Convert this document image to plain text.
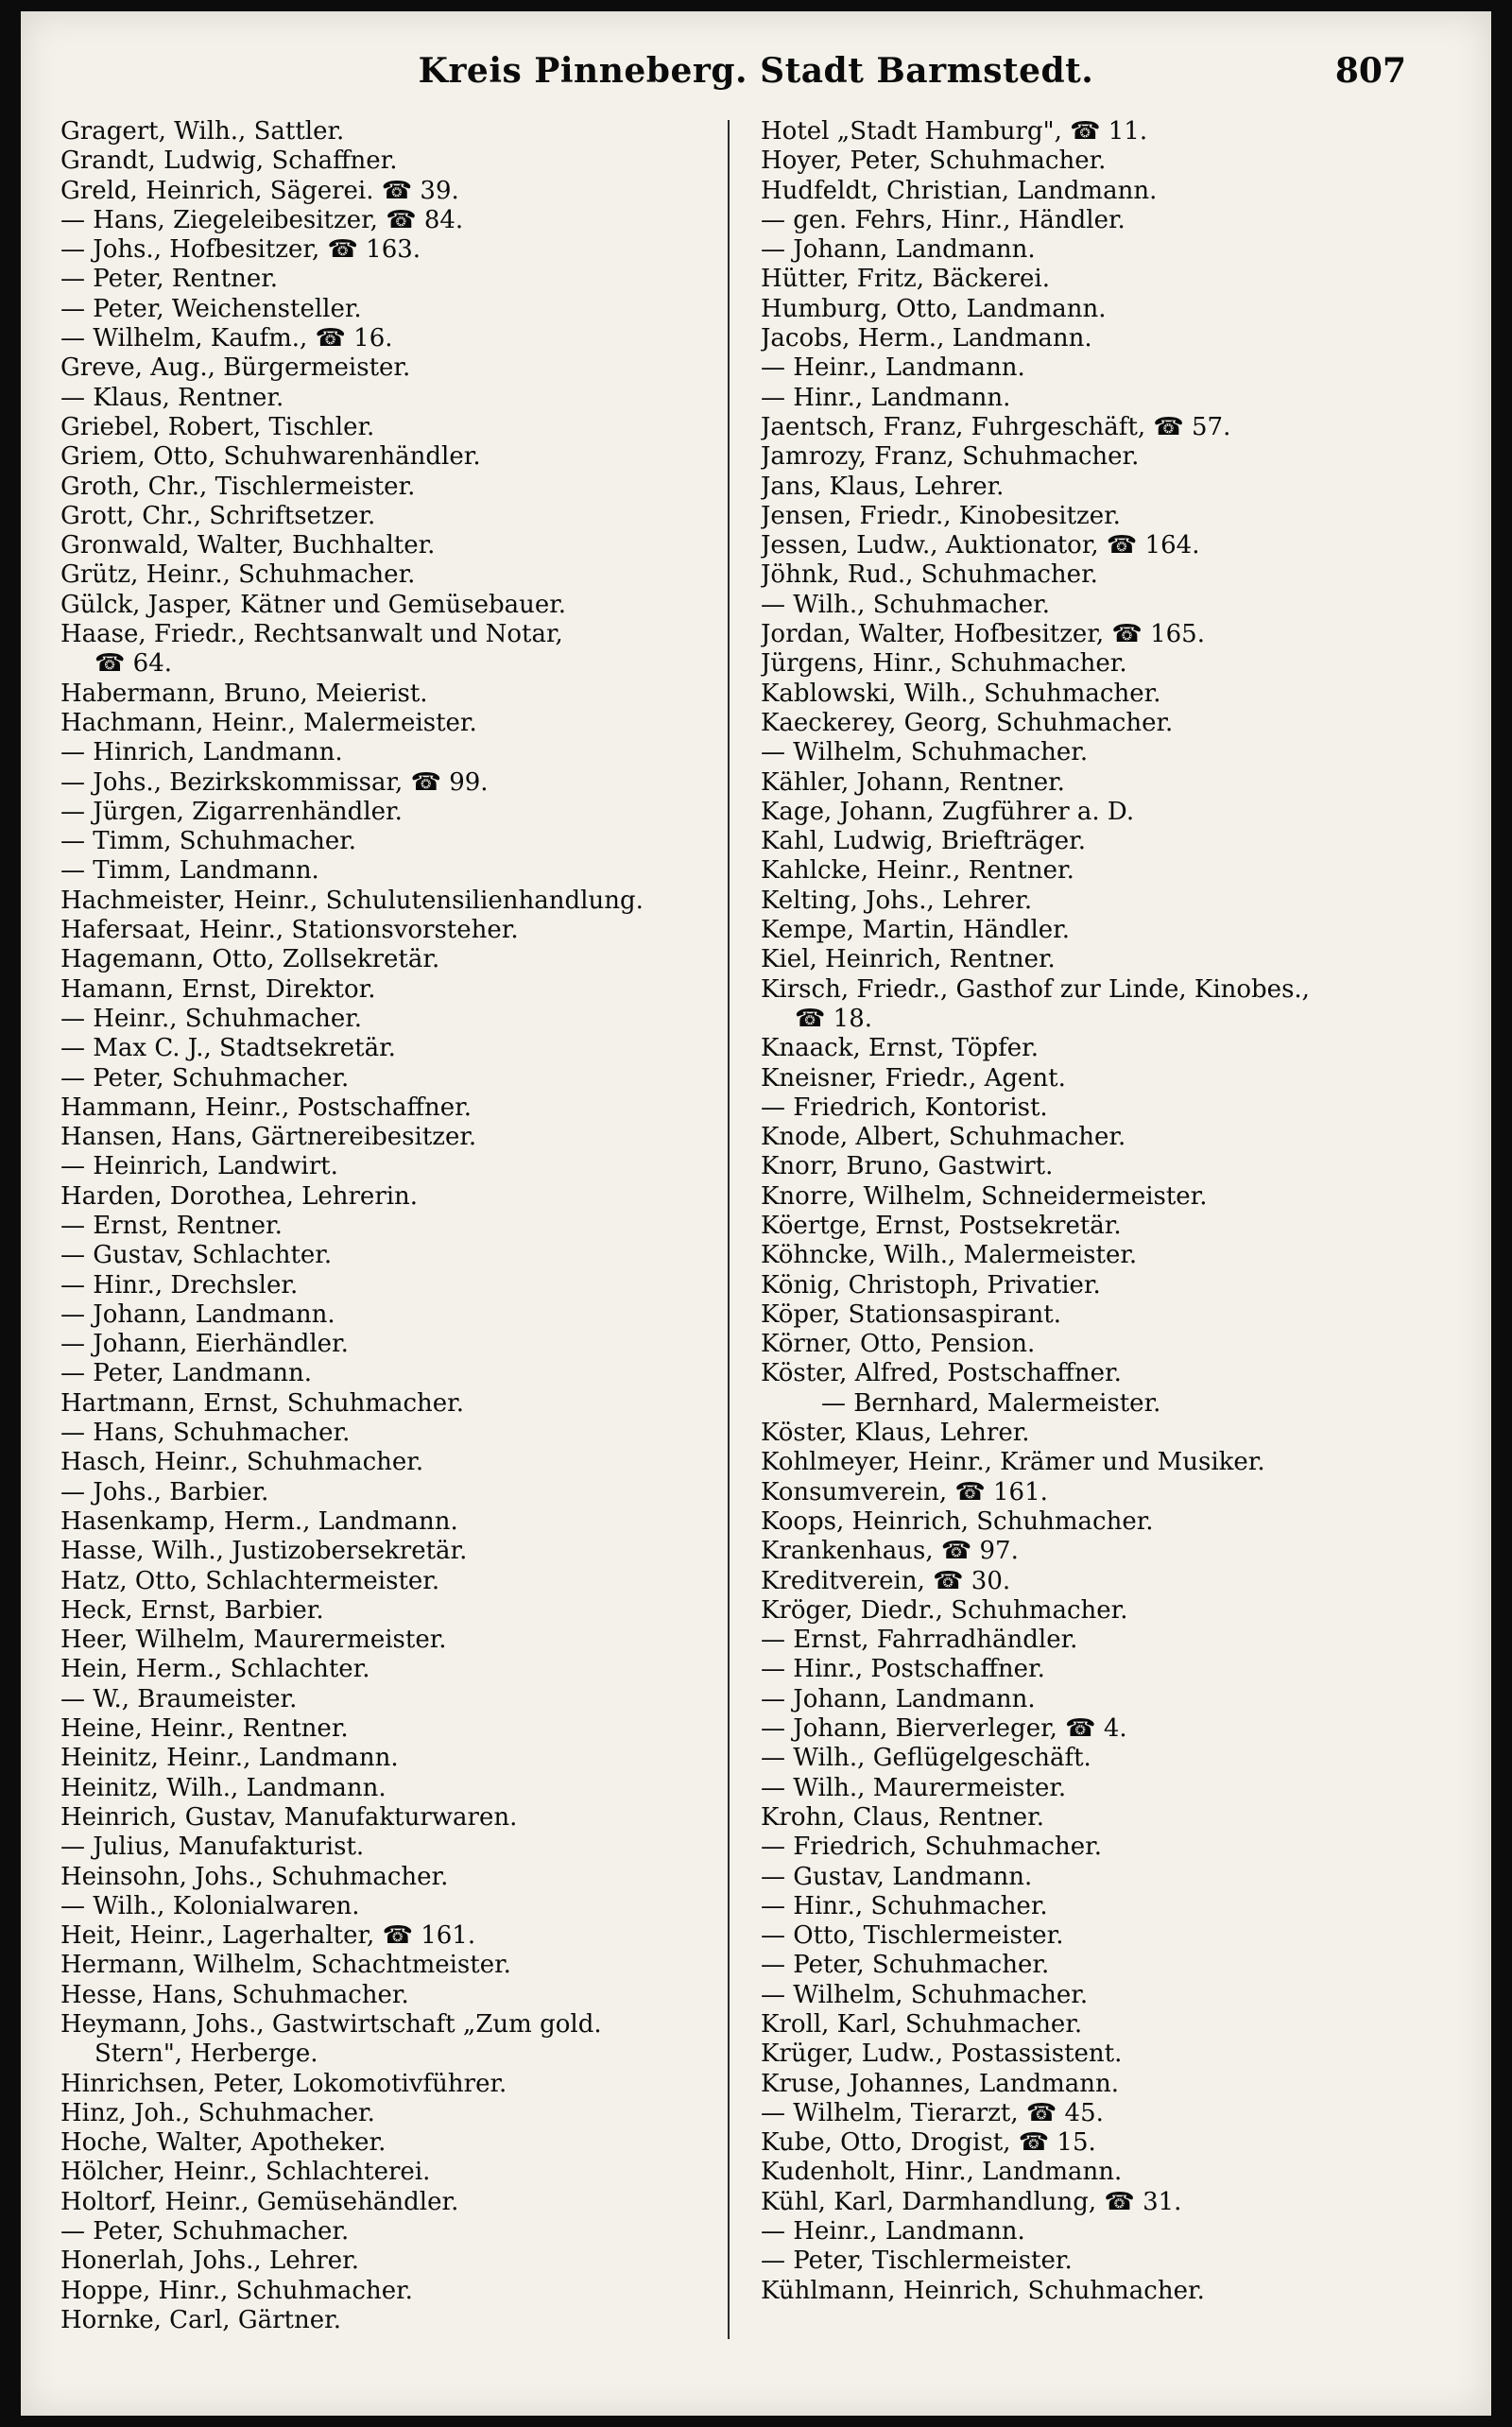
Kreis Pinneberg. Stadt Barmstedt.	807
Gragert, Wilh., Sattler.
Grandt, Ludwig, Schaffner.
Greld, Heinrich, Sägerei. ☎ 39.
— Hans, Ziegeleibesitzer, ☎ 84.
— Johs., Hofbesitzer, ☎ 163.
— Peter, Rentner.
— Peter, Weichensteller.
— Wilhelm, Kaufm., ☎ 16.
Greve, Aug., Bürgermeister.
— Klaus, Rentner.
Griebel, Robert, Tischler.
Griem, Otto, Schuhwarenhändler.
Groth, Chr., Tischlermeister.
Grott, Chr., Schriftsetzer.
Gronwald, Walter, Buchhalter.
Grütz, Heinr., Schuhmacher.
Gülck, Jasper, Kätner und Gemüsebauer.
Haase, Friedr., Rechtsanwalt und Notar,
☎ 64.
Habermann, Bruno, Meierist.
Hachmann, Heinr., Malermeister.
— Hinrich, Landmann.
— Johs., Bezirkskommissar, ☎ 99.
— Jürgen, Zigarrenhändler.
— Timm, Schuhmacher.
— Timm, Landmann.
Hachmeister, Heinr., Schulutensilienhandlung.
Hafersaat, Heinr., Stationsvorsteher.
Hagemann, Otto, Zollsekretär.
Hamann, Ernst, Direktor.
— Heinr., Schuhmacher.
— Max C. J., Stadtsekretär.
— Peter, Schuhmacher.
Hammann, Heinr., Postschaffner.
Hansen, Hans, Gärtnereibesitzer.
— Heinrich, Landwirt.
Harden, Dorothea, Lehrerin.
— Ernst, Rentner.
— Gustav, Schlachter.
— Hinr., Drechsler.
— Johann, Landmann.
— Johann, Eierhändler.
— Peter, Landmann.
Hartmann, Ernst, Schuhmacher.
— Hans, Schuhmacher.
Hasch, Heinr., Schuhmacher.
— Johs., Barbier.
Hasenkamp, Herm., Landmann.
Hasse, Wilh., Justizobersekretär.
Hatz, Otto, Schlachtermeister.
Heck, Ernst, Barbier.
Heer, Wilhelm, Maurermeister.
Hein, Herm., Schlachter.
— W., Braumeister.
Heine, Heinr., Rentner.
Heinitz, Heinr., Landmann.
Heinitz, Wilh., Landmann.
Heinrich, Gustav, Manufakturwaren.
— Julius, Manufakturist.
Heinsohn, Johs., Schuhmacher.
— Wilh., Kolonialwaren.
Heit, Heinr., Lagerhalter, ☎ 161.
Hermann, Wilhelm, Schachtmeister.
Hesse, Hans, Schuhmacher.
Heymann, Johs., Gastwirtschaft „Zum gold.
Stern", Herberge.
Hinrichsen, Peter, Lokomotivführer.
Hinz, Joh., Schuhmacher.
Hoche, Walter, Apotheker.
Hölcher, Heinr., Schlachterei.
Holtorf, Heinr., Gemüsehändler.
— Peter, Schuhmacher.
Honerlah, Johs., Lehrer.
Hoppe, Hinr., Schuhmacher.
Hornke, Carl, Gärtner.
Hotel „Stadt Hamburg", ☎ 11.
Hoyer, Peter, Schuhmacher.
Hudfeldt, Christian, Landmann.
— gen. Fehrs, Hinr., Händler.
— Johann, Landmann.
Hütter, Fritz, Bäckerei.
Humburg, Otto, Landmann.
Jacobs, Herm., Landmann.
— Heinr., Landmann.
— Hinr., Landmann.
Jaentsch, Franz, Fuhrgeschäft, ☎ 57.
Jamrozy, Franz, Schuhmacher.
Jans, Klaus, Lehrer.
Jensen, Friedr., Kinobesitzer.
Jessen, Ludw., Auktionator, ☎ 164.
Jöhnk, Rud., Schuhmacher.
— Wilh., Schuhmacher.
Jordan, Walter, Hofbesitzer, ☎ 165.
Jürgens, Hinr., Schuhmacher.
Kablowski, Wilh., Schuhmacher.
Kaeckerey, Georg, Schuhmacher.
— Wilhelm, Schuhmacher.
Kähler, Johann, Rentner.
Kage, Johann, Zugführer a. D.
Kahl, Ludwig, Briefträger.
Kahlcke, Heinr., Rentner.
Kelting, Johs., Lehrer.
Kempe, Martin, Händler.
Kiel, Heinrich, Rentner.
Kirsch, Friedr., Gasthof zur Linde, Kinobes.,
☎ 18.
Knaack, Ernst, Töpfer.
Kneisner, Friedr., Agent.
— Friedrich, Kontorist.
Knode, Albert, Schuhmacher.
Knorr, Bruno, Gastwirt.
Knorre, Wilhelm, Schneidermeister.
Köertge, Ernst, Postsekretär.
Köhncke, Wilh., Malermeister.
König, Christoph, Privatier.
Köper, Stationsaspirant.
Körner, Otto, Pension.
Köster, Alfred, Postschaffner.
— Bernhard, Malermeister.
Köster, Klaus, Lehrer.
Kohlmeyer, Heinr., Krämer und Musiker.
Konsumverein, ☎ 161.
Koops, Heinrich, Schuhmacher.
Krankenhaus, ☎ 97.
Kreditverein, ☎ 30.
Kröger, Diedr., Schuhmacher.
— Ernst, Fahrradhändler.
— Hinr., Postschaffner.
— Johann, Landmann.
— Johann, Bierverleger, ☎ 4.
— Wilh., Geflügelgeschäft.
— Wilh., Maurermeister.
Krohn, Claus, Rentner.
— Friedrich, Schuhmacher.
— Gustav, Landmann.
— Hinr., Schuhmacher.
— Otto, Tischlermeister.
— Peter, Schuhmacher.
— Wilhelm, Schuhmacher.
Kroll, Karl, Schuhmacher.
Krüger, Ludw., Postassistent.
Kruse, Johannes, Landmann.
— Wilhelm, Tierarzt, ☎ 45.
Kube, Otto, Drogist, ☎ 15.
Kudenholt, Hinr., Landmann.
Kühl, Karl, Darmhandlung, ☎ 31.
— Heinr., Landmann.
— Peter, Tischlermeister.
Kühlmann, Heinrich, Schuhmacher.
